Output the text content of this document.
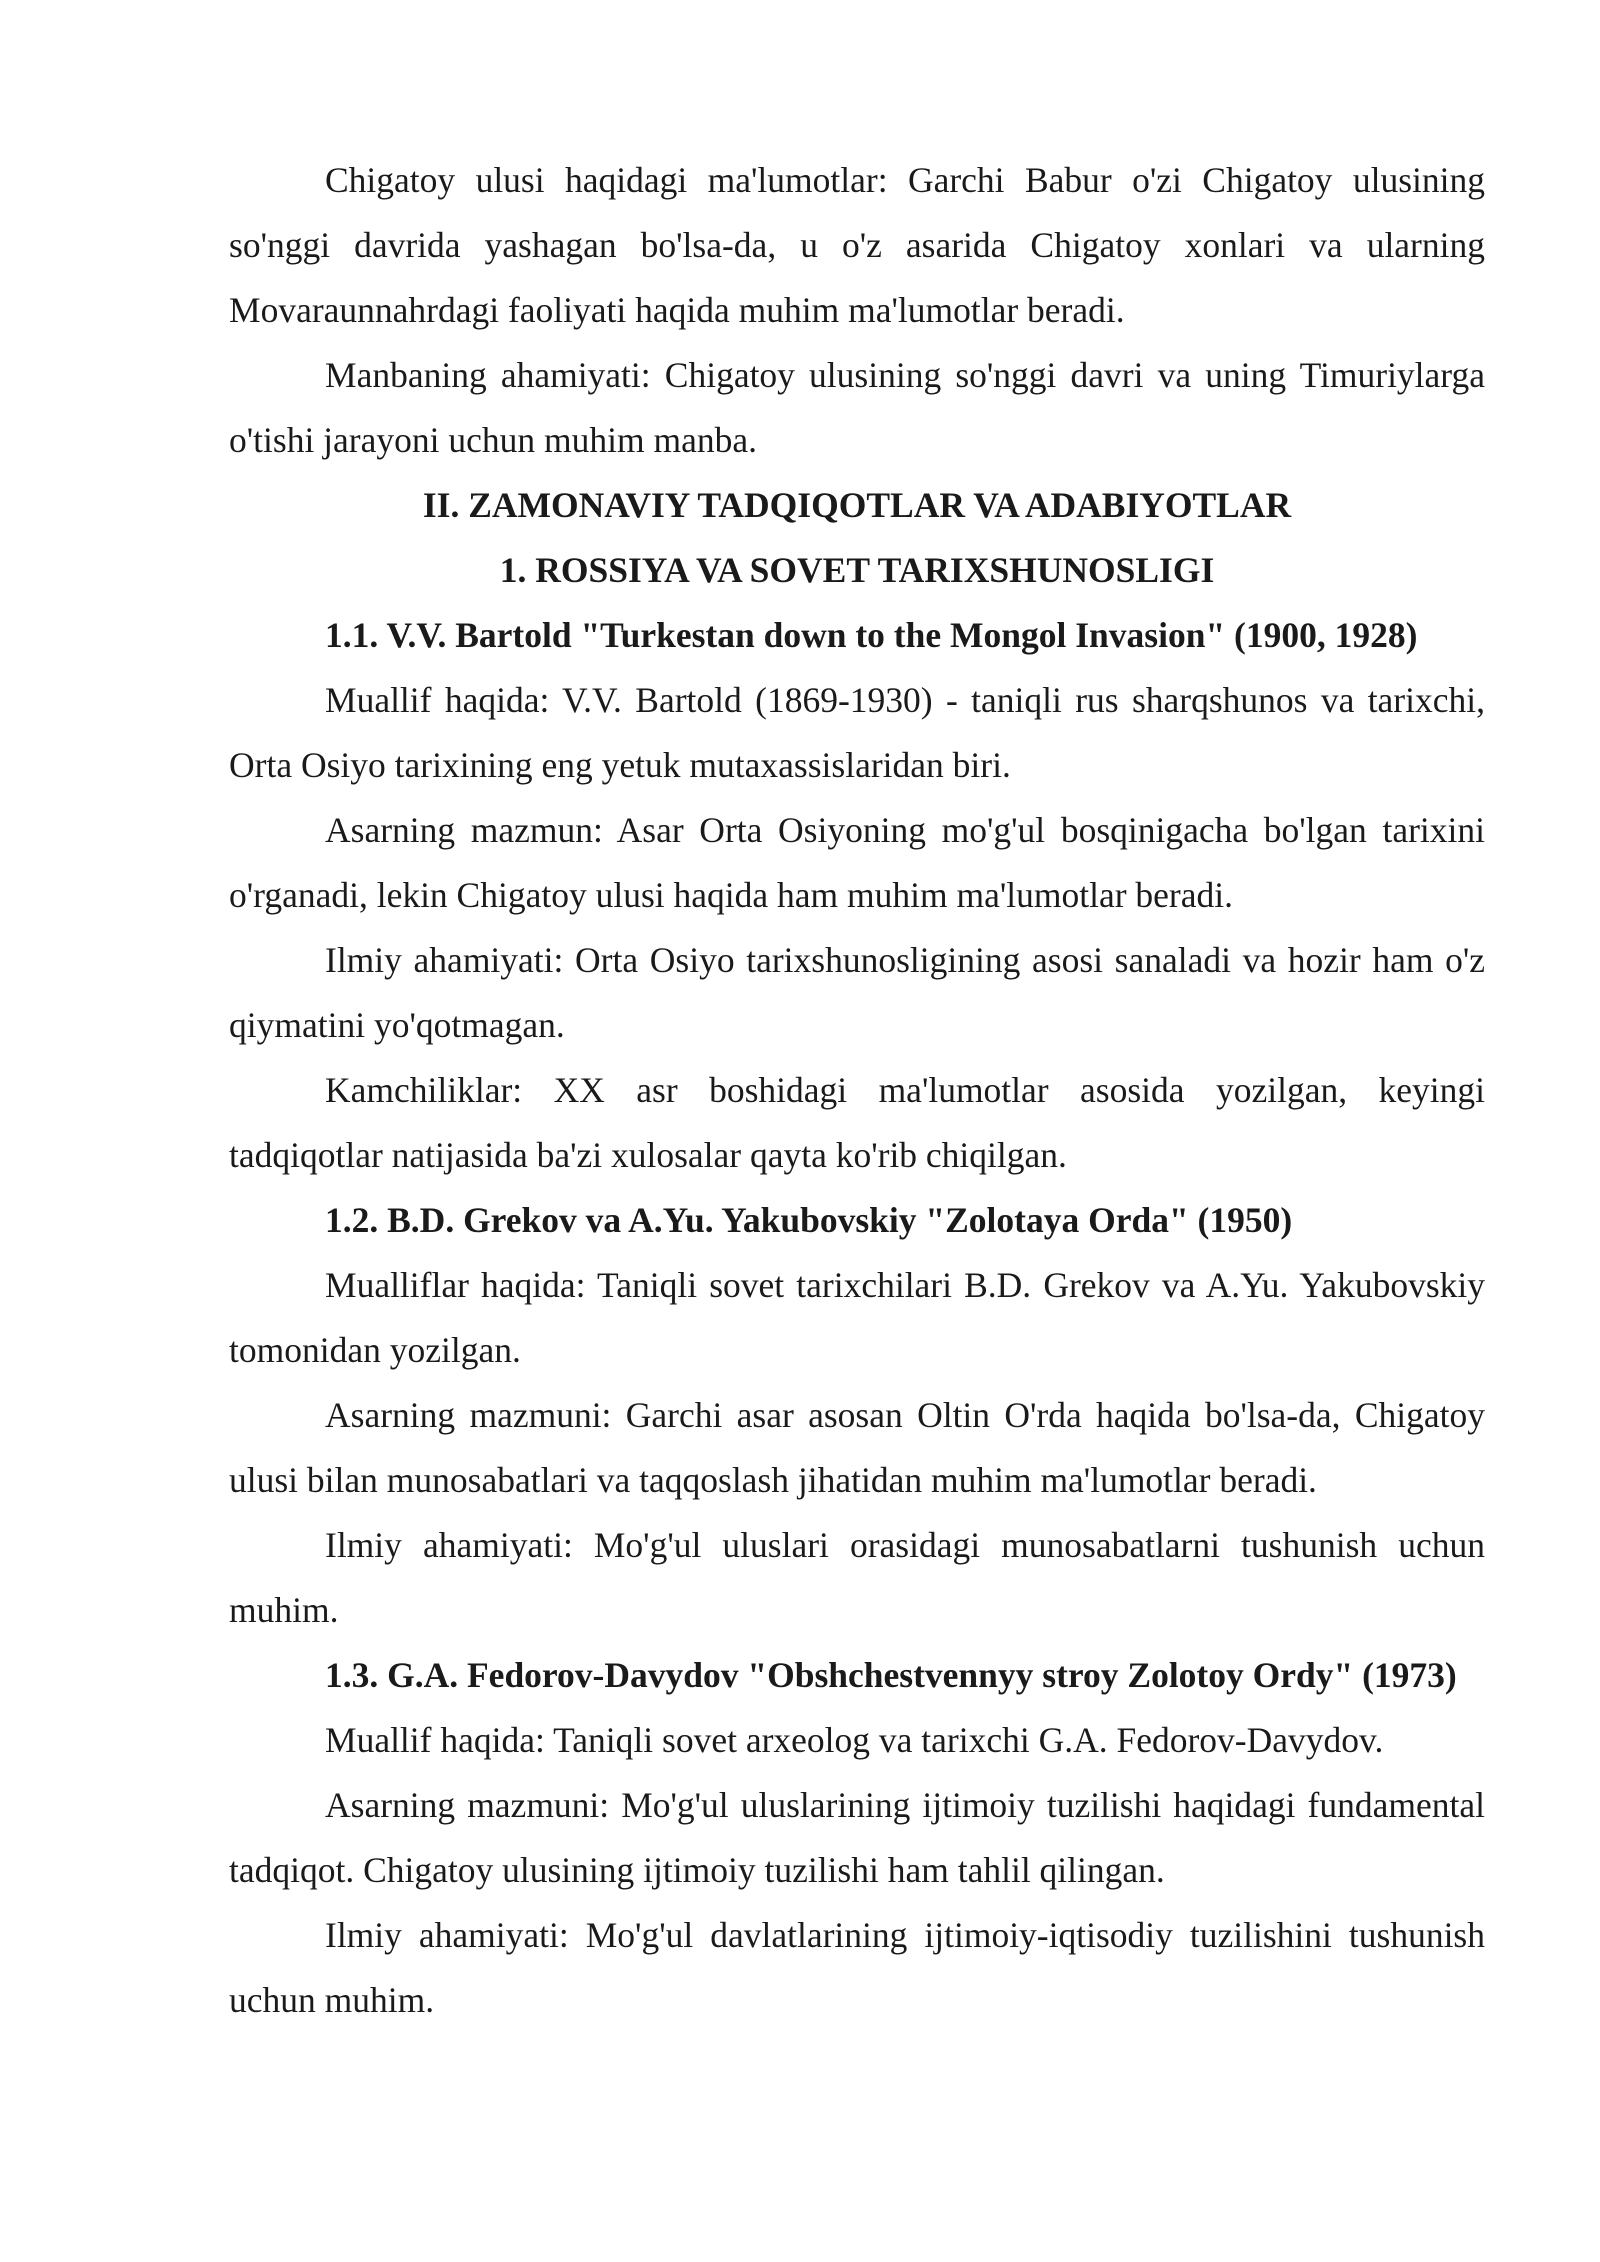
Chigatoy ulusi haqidagi ma'lumotlar: Garchi Babur o'zi Chigatoy ulusining so'nggi davrida yashagan bo'lsa-da, u o'z asarida Chigatoy xonlari va ularning Movaraunnahrdagi faoliyati haqida muhim ma'lumotlar beradi.

Manbaning ahamiyati: Chigatoy ulusining so'nggi davri va uning Timuriylarga o'tishi jarayoni uchun muhim manba.

II. ZAMONAVIY TADQIQOTLAR VA ADABIYOTLAR

1. ROSSIYA VA SOVET TARIXSHUNOSLIGI

1.1. V.V. Bartold "Turkestan down to the Mongol Invasion" (1900, 1928)

Muallif haqida: V.V. Bartold (1869-1930) - taniqli rus sharqshunos va tarixchi, Orta Osiyo tarixining eng yetuk mutaxassislaridan biri.

Asarning mazmun: Asar Orta Osiyoning mo'g'ul bosqinigacha bo'lgan tarixini o'rganadi, lekin Chigatoy ulusi haqida ham muhim ma'lumotlar beradi.

Ilmiy ahamiyati: Orta Osiyo tarixshunosligining asosi sanaladi va hozir ham o'z qiymatini yo'qotmagan.

Kamchiliklar: XX asr boshidagi ma'lumotlar asosida yozilgan, keyingi tadqiqotlar natijasida ba'zi xulosalar qayta ko'rib chiqilgan.

1.2. B.D. Grekov va A.Yu. Yakubovskiy "Zolotaya Orda" (1950)

Mualliflar haqida: Taniqli sovet tarixchilari B.D. Grekov va A.Yu. Yakubovskiy tomonidan yozilgan.

Asarning mazmuni: Garchi asar asosan Oltin O'rda haqida bo'lsa-da, Chigatoy ulusi bilan munosabatlari va taqqoslash jihatidan muhim ma'lumotlar beradi.

Ilmiy ahamiyati: Mo'g'ul uluslari orasidagi munosabatlarni tushunish uchun muhim.

1.3. G.A. Fedorov-Davydov "Obshchestvennyy stroy Zolotoy Ordy" (1973)

Muallif haqida: Taniqli sovet arxeolog va tarixchi G.A. Fedorov-Davydov.

Asarning mazmuni: Mo'g'ul uluslarining ijtimoiy tuzilishi haqidagi fundamental tadqiqot. Chigatoy ulusining ijtimoiy tuzilishi ham tahlil qilingan.

Ilmiy ahamiyati: Mo'g'ul davlatlarining ijtimoiy-iqtisodiy tuzilishini tushunish uchun muhim.
